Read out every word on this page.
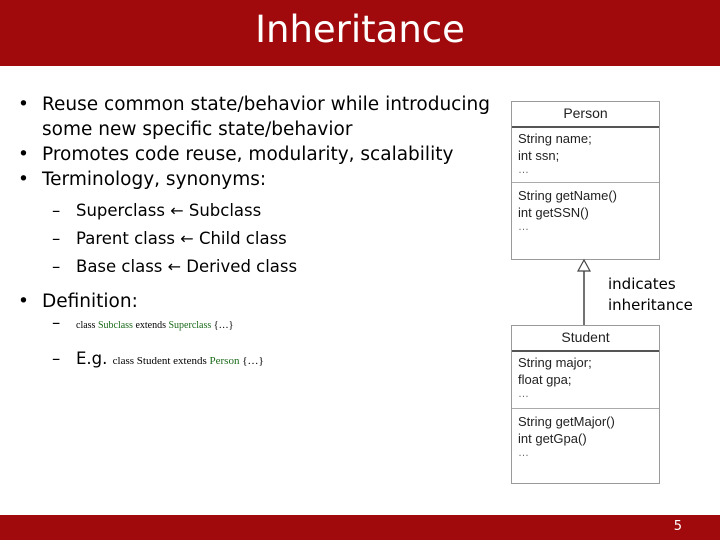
Inheritance
• Reuse common state/behavior while introducing some new specific state/behavior
• Promotes code reuse, modularity, scalability
• Terminology, synonyms:
– Superclass ← Subclass
– Parent class ← Child class
– Base class ← Derived class
• Definition:
– class Subclass extends Superclass {…}
– E.g. class Student extends Person {…}
Person
String name;
int ssn;
…
String getName()
int getSSN()
…
indicates inheritance
Student
String major;
float gpa;
…
String getMajor()
int getGpa()
…
5
